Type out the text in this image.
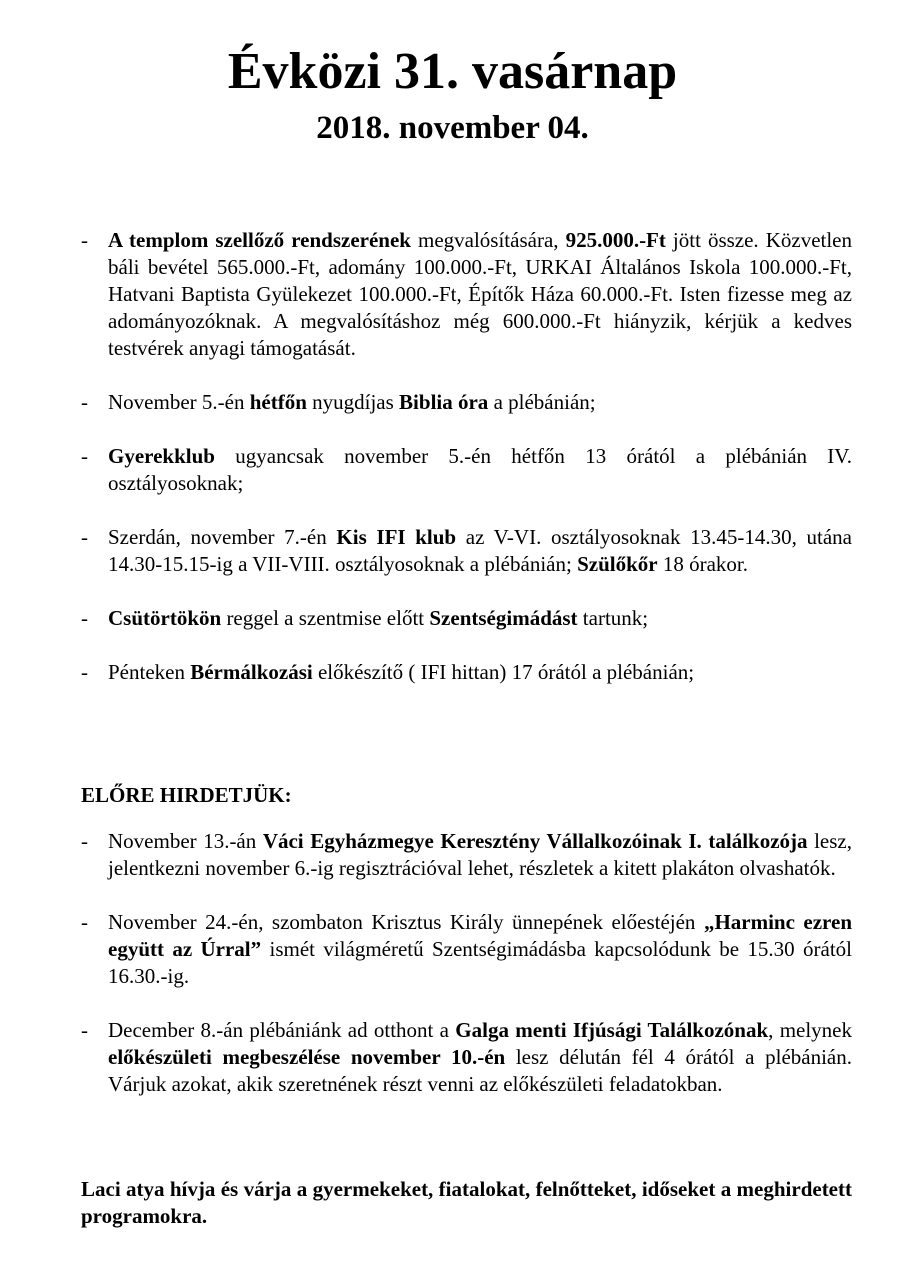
Évközi 31. vasárnap
2018. november 04.
- A templom szellőző rendszerének megvalósítására, 925.000.-Ft jött össze. Közvetlen báli bevétel 565.000.-Ft, adomány 100.000.-Ft, URKAI Általános Iskola 100.000.-Ft, Hatvani Baptista Gyülekezet 100.000.-Ft, Építők Háza 60.000.-Ft. Isten fizesse meg az adományozóknak. A megvalósításhoz még 600.000.-Ft hiányzik, kérjük a kedves testvérek anyagi támogatását.
- November 5.-én hétfőn nyugdíjas Biblia óra a plébánián;
- Gyerekklub ugyancsak november 5.-én hétfőn 13 órától a plébánián IV. osztályosoknak;
- Szerdán, november 7.-én Kis IFI klub az V-VI. osztályosoknak 13.45-14.30, utána 14.30-15.15-ig a VII-VIII. osztályosoknak a plébánián; Szülőkőr 18 órakor.
- Csütörtökön reggel a szentmise előtt Szentségimádást tartunk;
- Pénteken Bérmálkozási előkészítő ( IFI hittan) 17 órától a plébánián;
ELŐRE HIRDETJÜK:
- November 13.-án Váci Egyházmegye Keresztény Vállalkozóinak I. találkozója lesz, jelentkezni november 6.-ig regisztrációval lehet, részletek a kitett plakáton olvashatók.
- November 24.-én, szombaton Krisztus Király ünnepének előestéjén „Harminc ezren együtt az Úrral” ismét világméretű Szentségimádásba kapcsolódunk be 15.30 órától 16.30.-ig.
- December 8.-án plébániánk ad otthont a Galga menti Ifjúsági Találkozónak, melynek előkészületi megbeszélése november 10.-én lesz délután fél 4 órától a plébánián. Várjuk azokat, akik szeretnének részt venni az előkészületi feladatokban.

Laci atya hívja és várja a gyermekeket, fiatalokat, felnőtteket, időseket a meghirdetett programokra.
